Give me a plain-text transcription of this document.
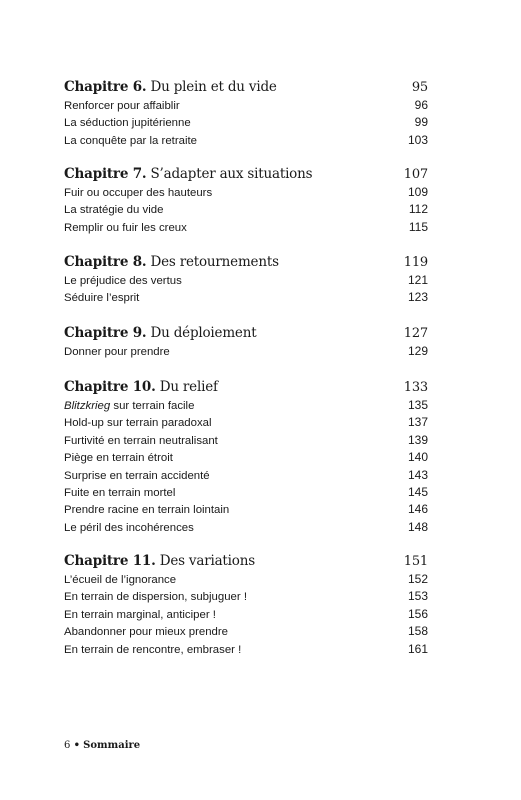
Chapitre 6. Du plein et du vide	95
Renforcer pour affaiblir	96
La séduction jupitérienne	99
La conquête par la retraite	103
Chapitre 7. S’adapter aux situations	107
Fuir ou occuper des hauteurs	109
La stratégie du vide	112
Remplir ou fuir les creux	115
Chapitre 8. Des retournements	119
Le préjudice des vertus	121
Séduire l’esprit	123
Chapitre 9. Du déploiement	127
Donner pour prendre	129
Chapitre 10. Du relief	133
Blitzkrieg sur terrain facile	135
Hold-up sur terrain paradoxal	137
Furtivité en terrain neutralisant	139
Piège en terrain étroit	140
Surprise en terrain accidenté	143
Fuite en terrain mortel	145
Prendre racine en terrain lointain	146
Le péril des incohérences	148
Chapitre 11. Des variations	151
L’écueil de l’ignorance	152
En terrain de dispersion, subjuguer !	153
En terrain marginal, anticiper !	156
Abandonner pour mieux prendre	158
En terrain de rencontre, embraser !	161
6 • Sommaire
